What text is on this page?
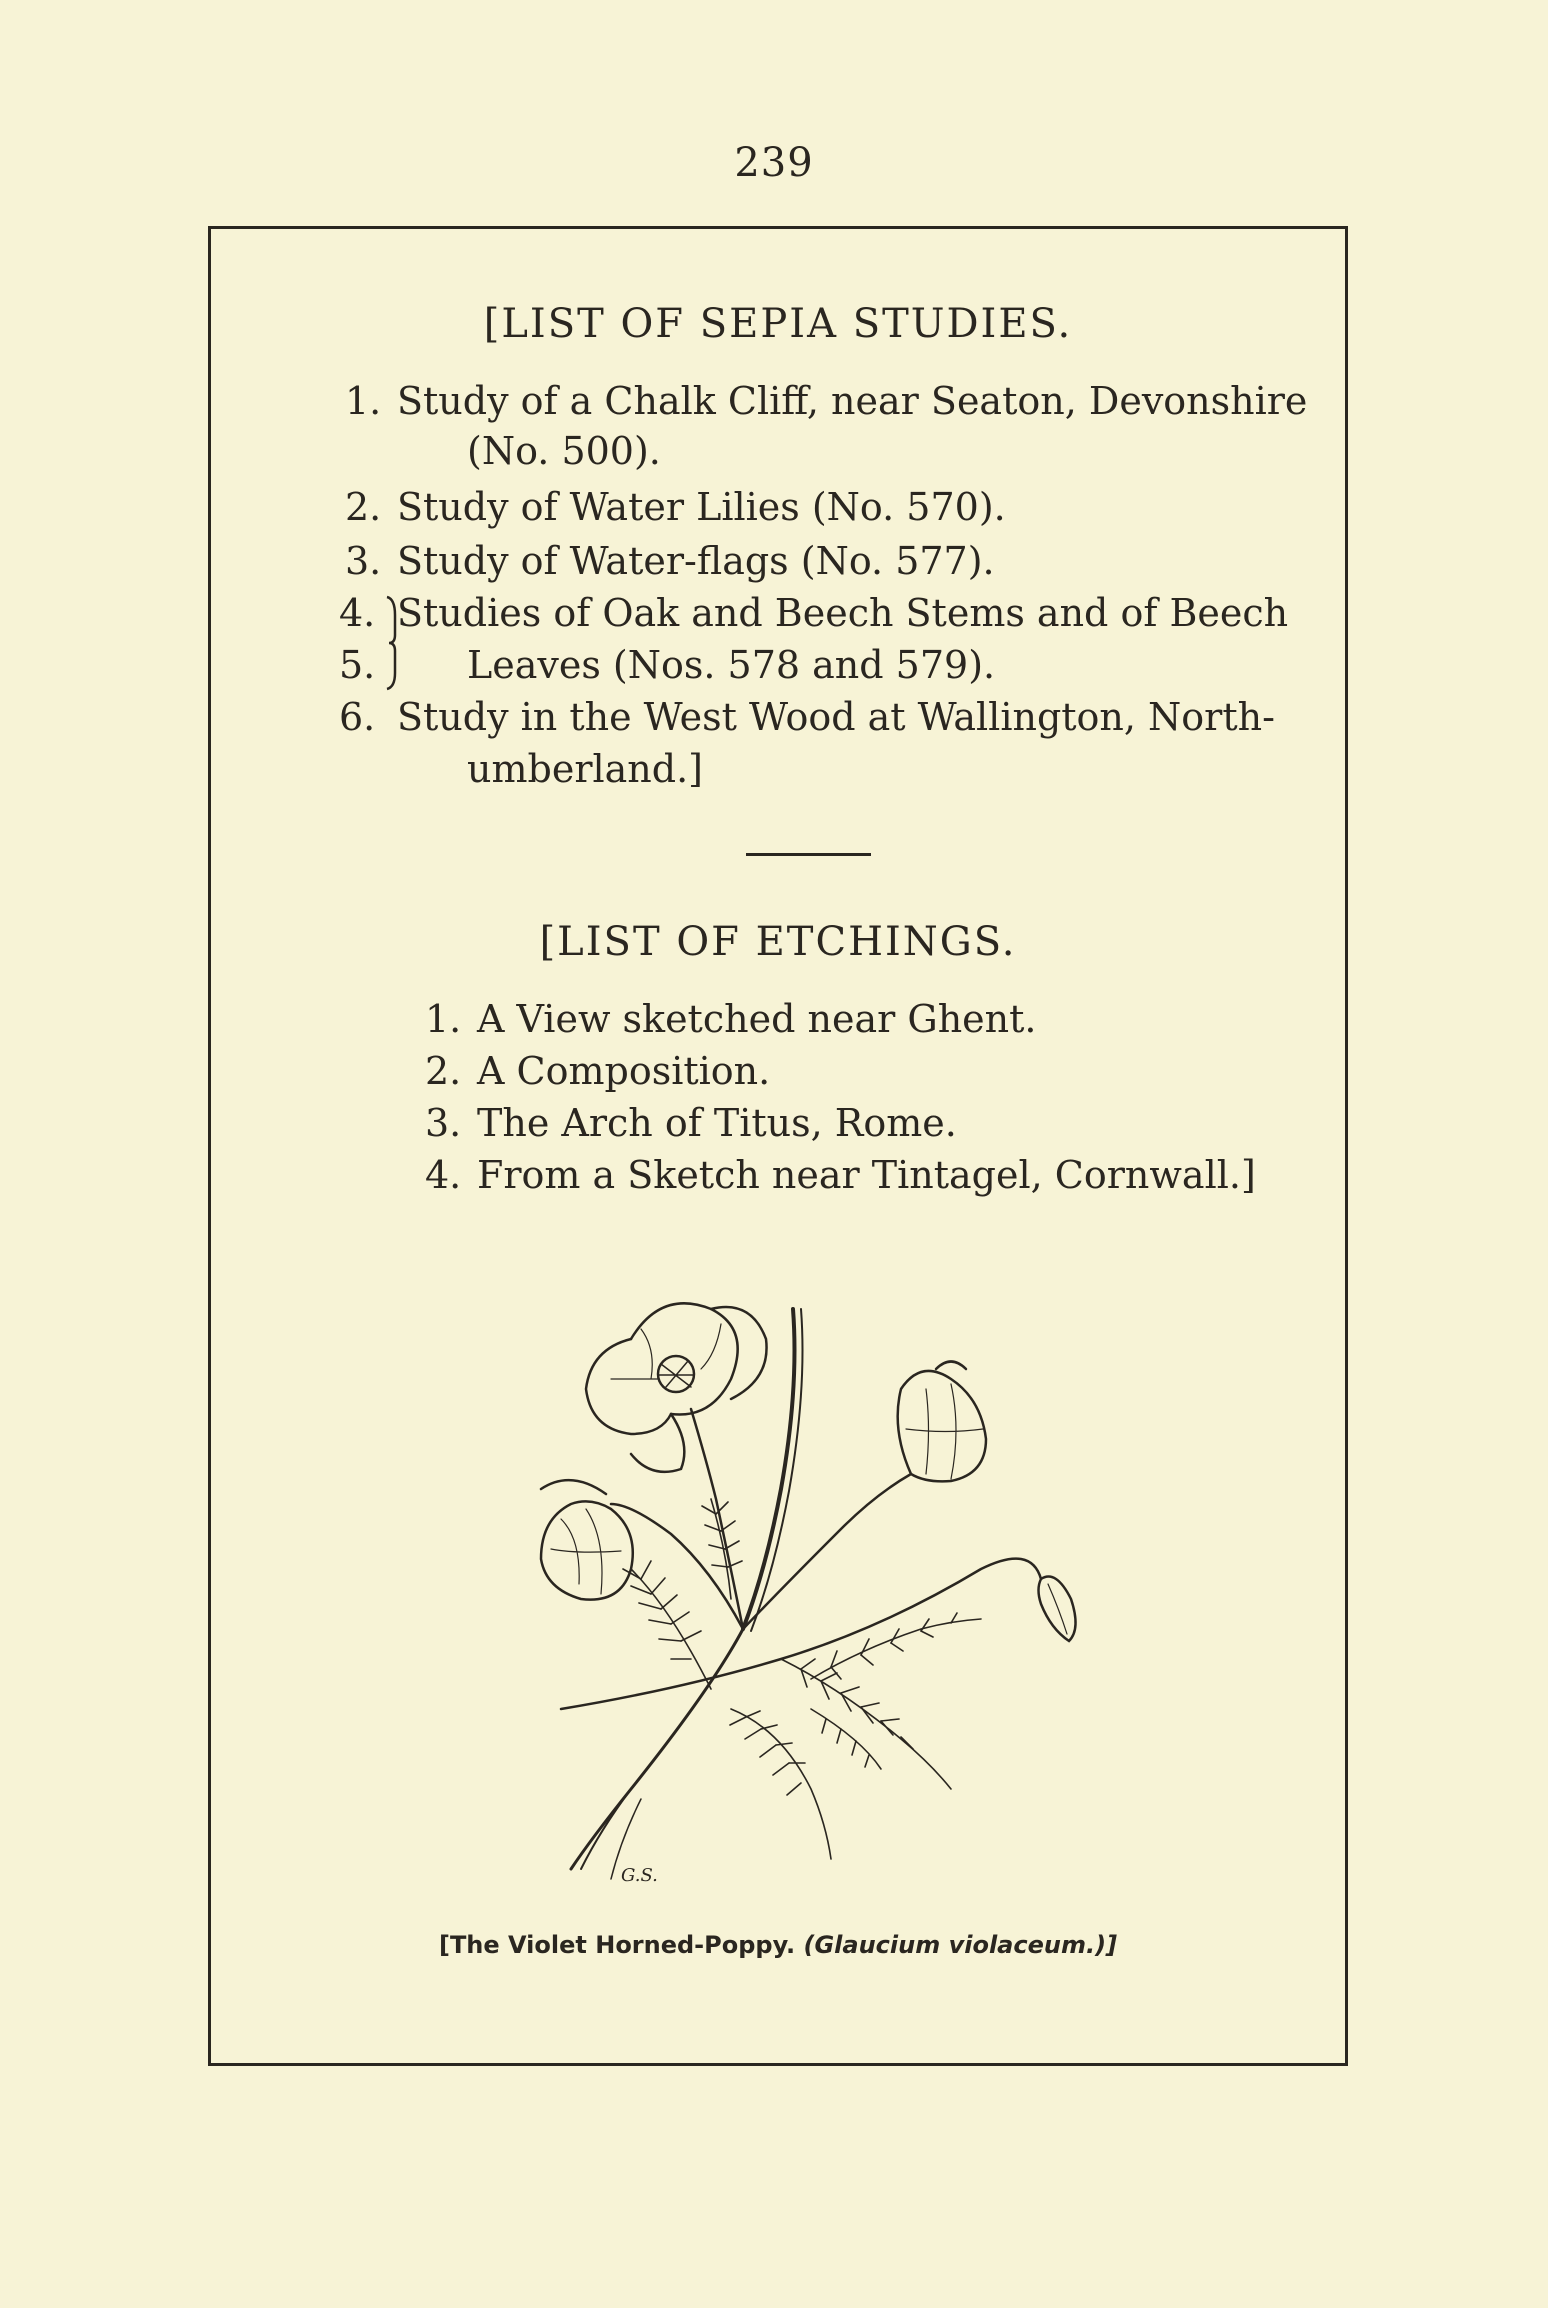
239
[LIST OF SEPIA STUDIES.
1. Study of a Chalk Cliff, near Seaton, Devonshire
(No. 500).
2. Study of Water Lilies (No. 570).
3. Study of Water-flags (No. 577).
4.
5.
Studies of Oak and Beech Stems and of Beech
Leaves (Nos. 578 and 579).
6. Study in the West Wood at Wallington, North-
umberland.]
[LIST OF ETCHINGS.
1. A View sketched near Ghent.
2. A Composition.
3. The Arch of Titus, Rome.
4. From a Sketch near Tintagel, Cornwall.]
G.S.
[The Violet Horned-Poppy. (Glaucium violaceum.)]
